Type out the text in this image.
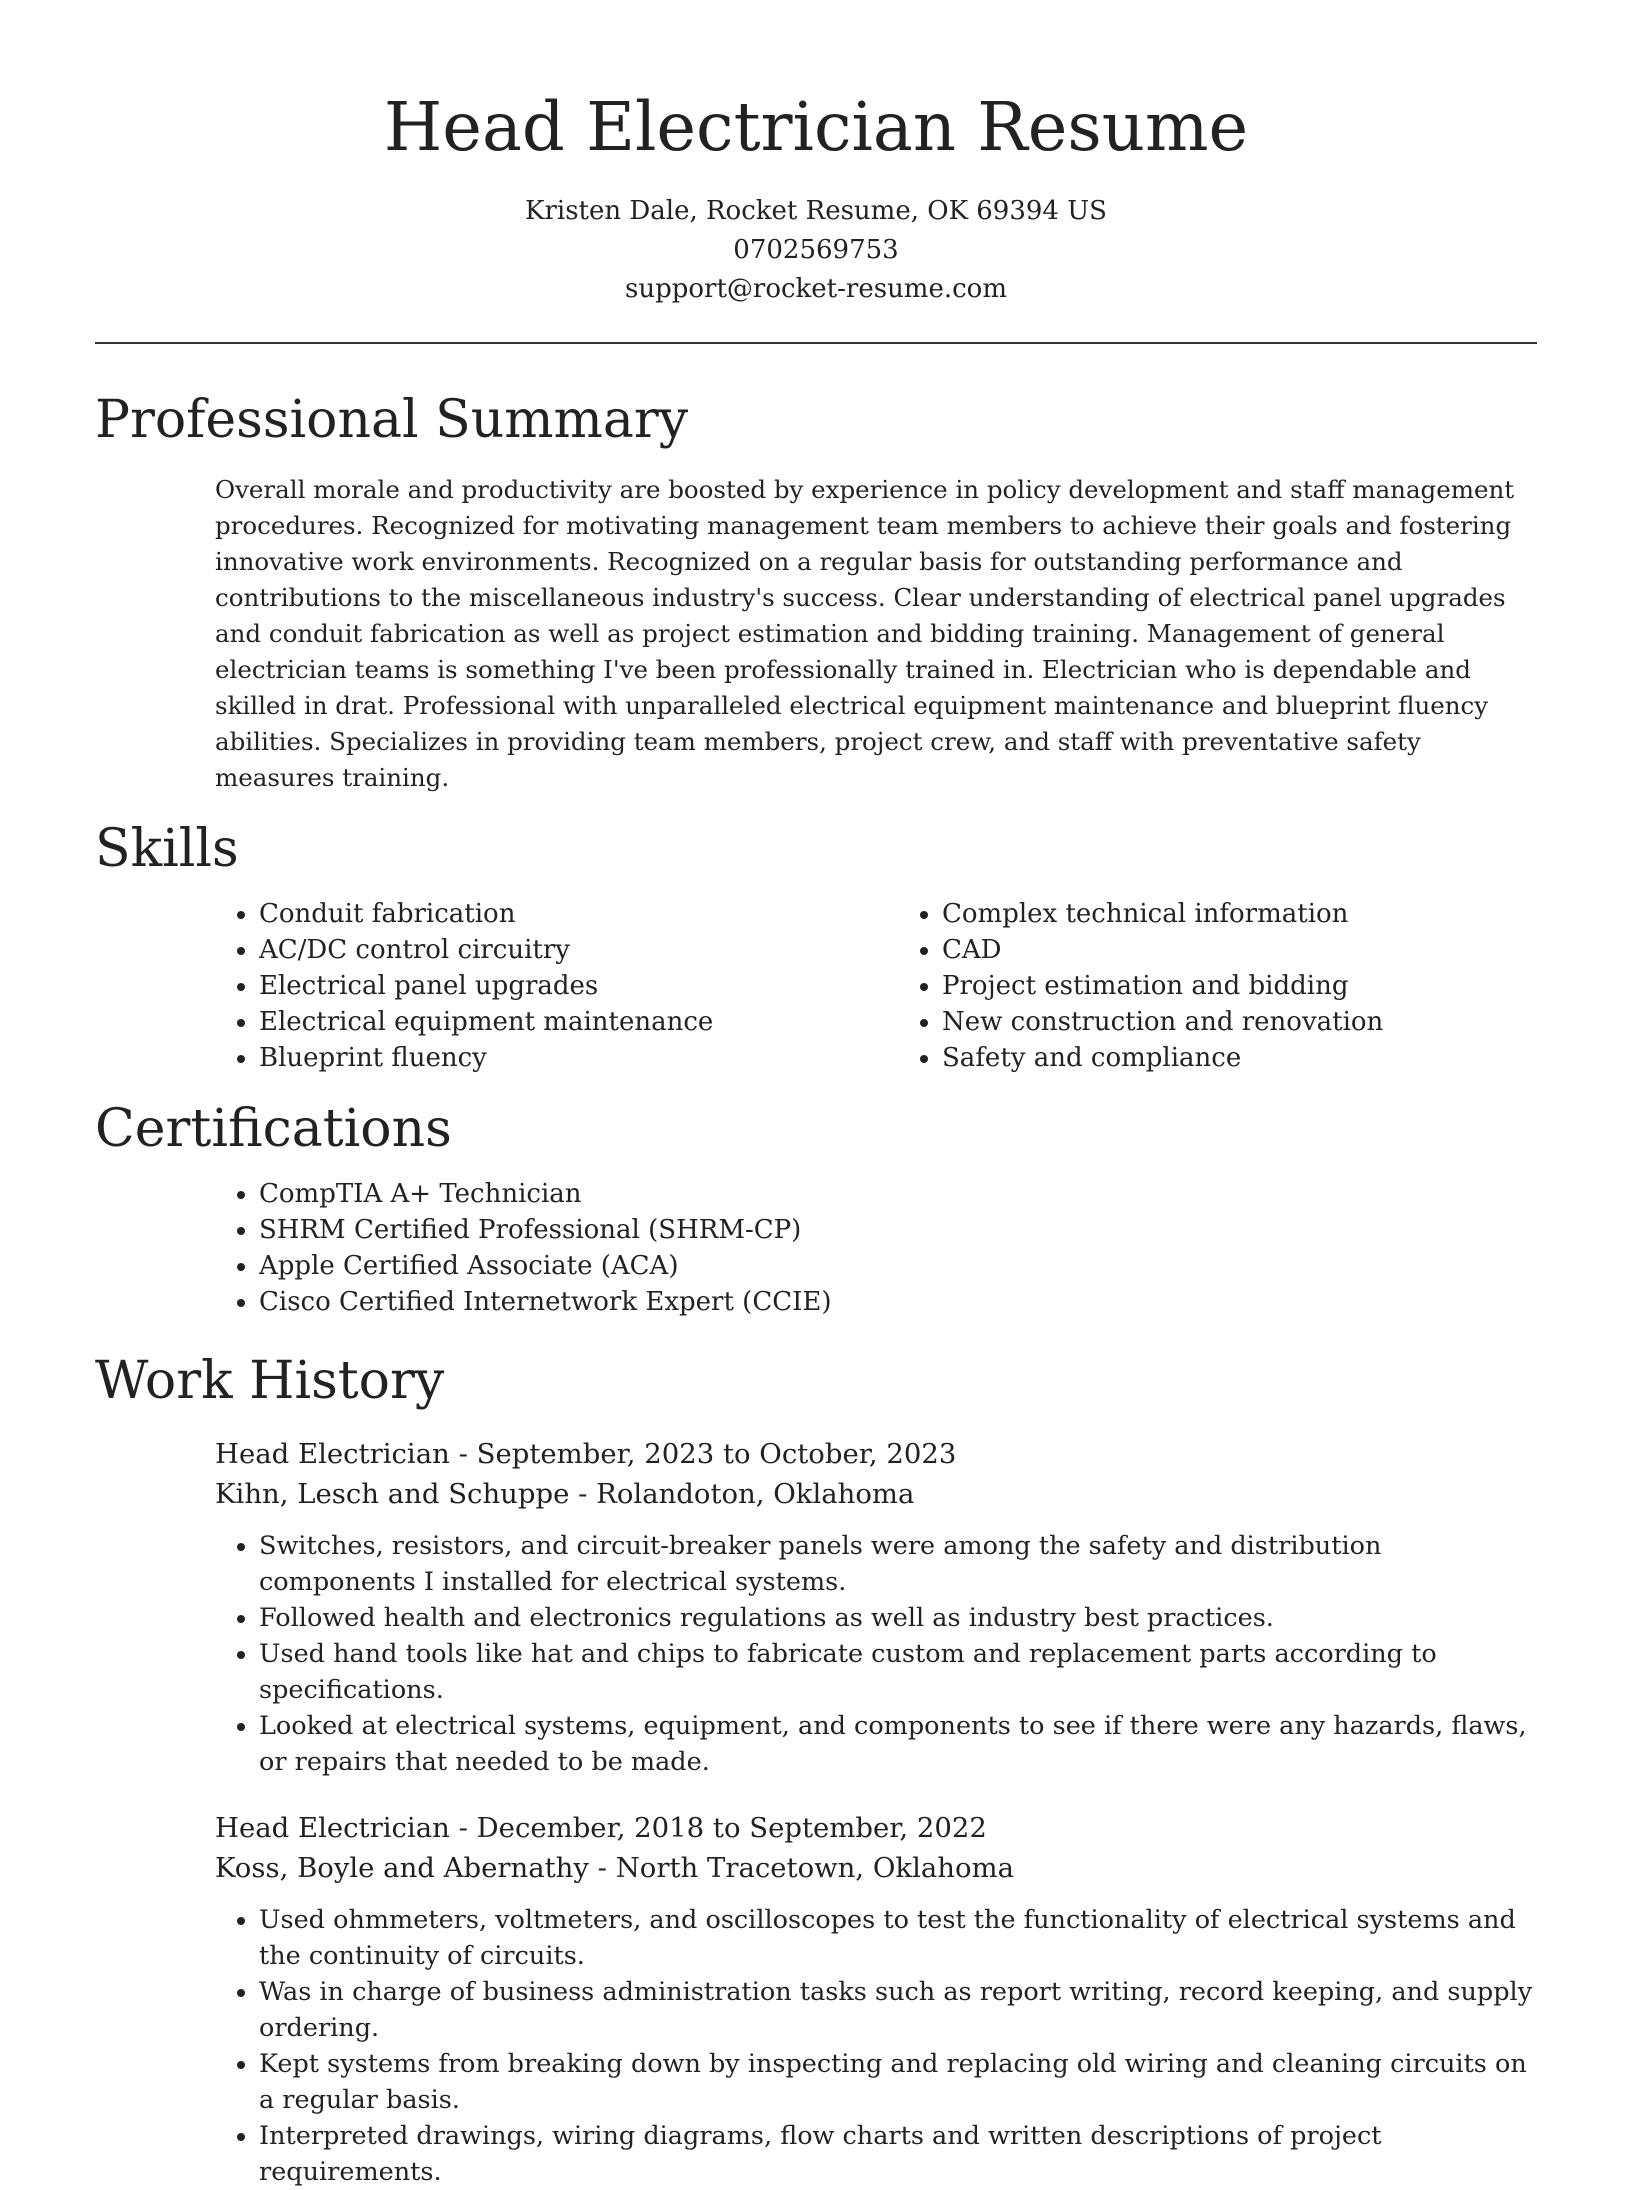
Head Electrician Resume
Kristen Dale, Rocket Resume, OK 69394 US
0702569753
support@rocket-resume.com
Professional Summary

Overall morale and productivity are boosted by experience in policy development and staff management procedures. Recognized for motivating management team members to achieve their goals and fostering innovative work environments. Recognized on a regular basis for outstanding performance and contributions to the miscellaneous industry's success. Clear understanding of electrical panel upgrades and conduit fabrication as well as project estimation and bidding training. Management of general electrician teams is something I've been professionally trained in. Electrician who is dependable and skilled in drat. Professional with unparalleled electrical equipment maintenance and blueprint fluency abilities. Specializes in providing team members, project crew, and staff with preventative safety measures training.

Skills
• Conduit fabrication
• AC/DC control circuitry
• Electrical panel upgrades
• Electrical equipment maintenance
• Blueprint fluency
• Complex technical information
• CAD
• Project estimation and bidding
• New construction and renovation
• Safety and compliance
Certifications
• CompTIA A+ Technician
• SHRM Certified Professional (SHRM-CP)
• Apple Certified Associate (ACA)
• Cisco Certified Internetwork Expert (CCIE)
Work History
Head Electrician - September, 2023 to October, 2023
Kihn, Lesch and Schuppe - Rolandoton, Oklahoma
• Switches, resistors, and circuit-breaker panels were among the safety and distribution components I installed for electrical systems.
• Followed health and electronics regulations as well as industry best practices.
• Used hand tools like hat and chips to fabricate custom and replacement parts according to specifications.
• Looked at electrical systems, equipment, and components to see if there were any hazards, flaws, or repairs that needed to be made.
Head Electrician - December, 2018 to September, 2022
Koss, Boyle and Abernathy - North Tracetown, Oklahoma
• Used ohmmeters, voltmeters, and oscilloscopes to test the functionality of electrical systems and the continuity of circuits.
• Was in charge of business administration tasks such as report writing, record keeping, and supply ordering.
• Kept systems from breaking down by inspecting and replacing old wiring and cleaning circuits on a regular basis.
• Interpreted drawings, wiring diagrams, flow charts and written descriptions of project requirements.
